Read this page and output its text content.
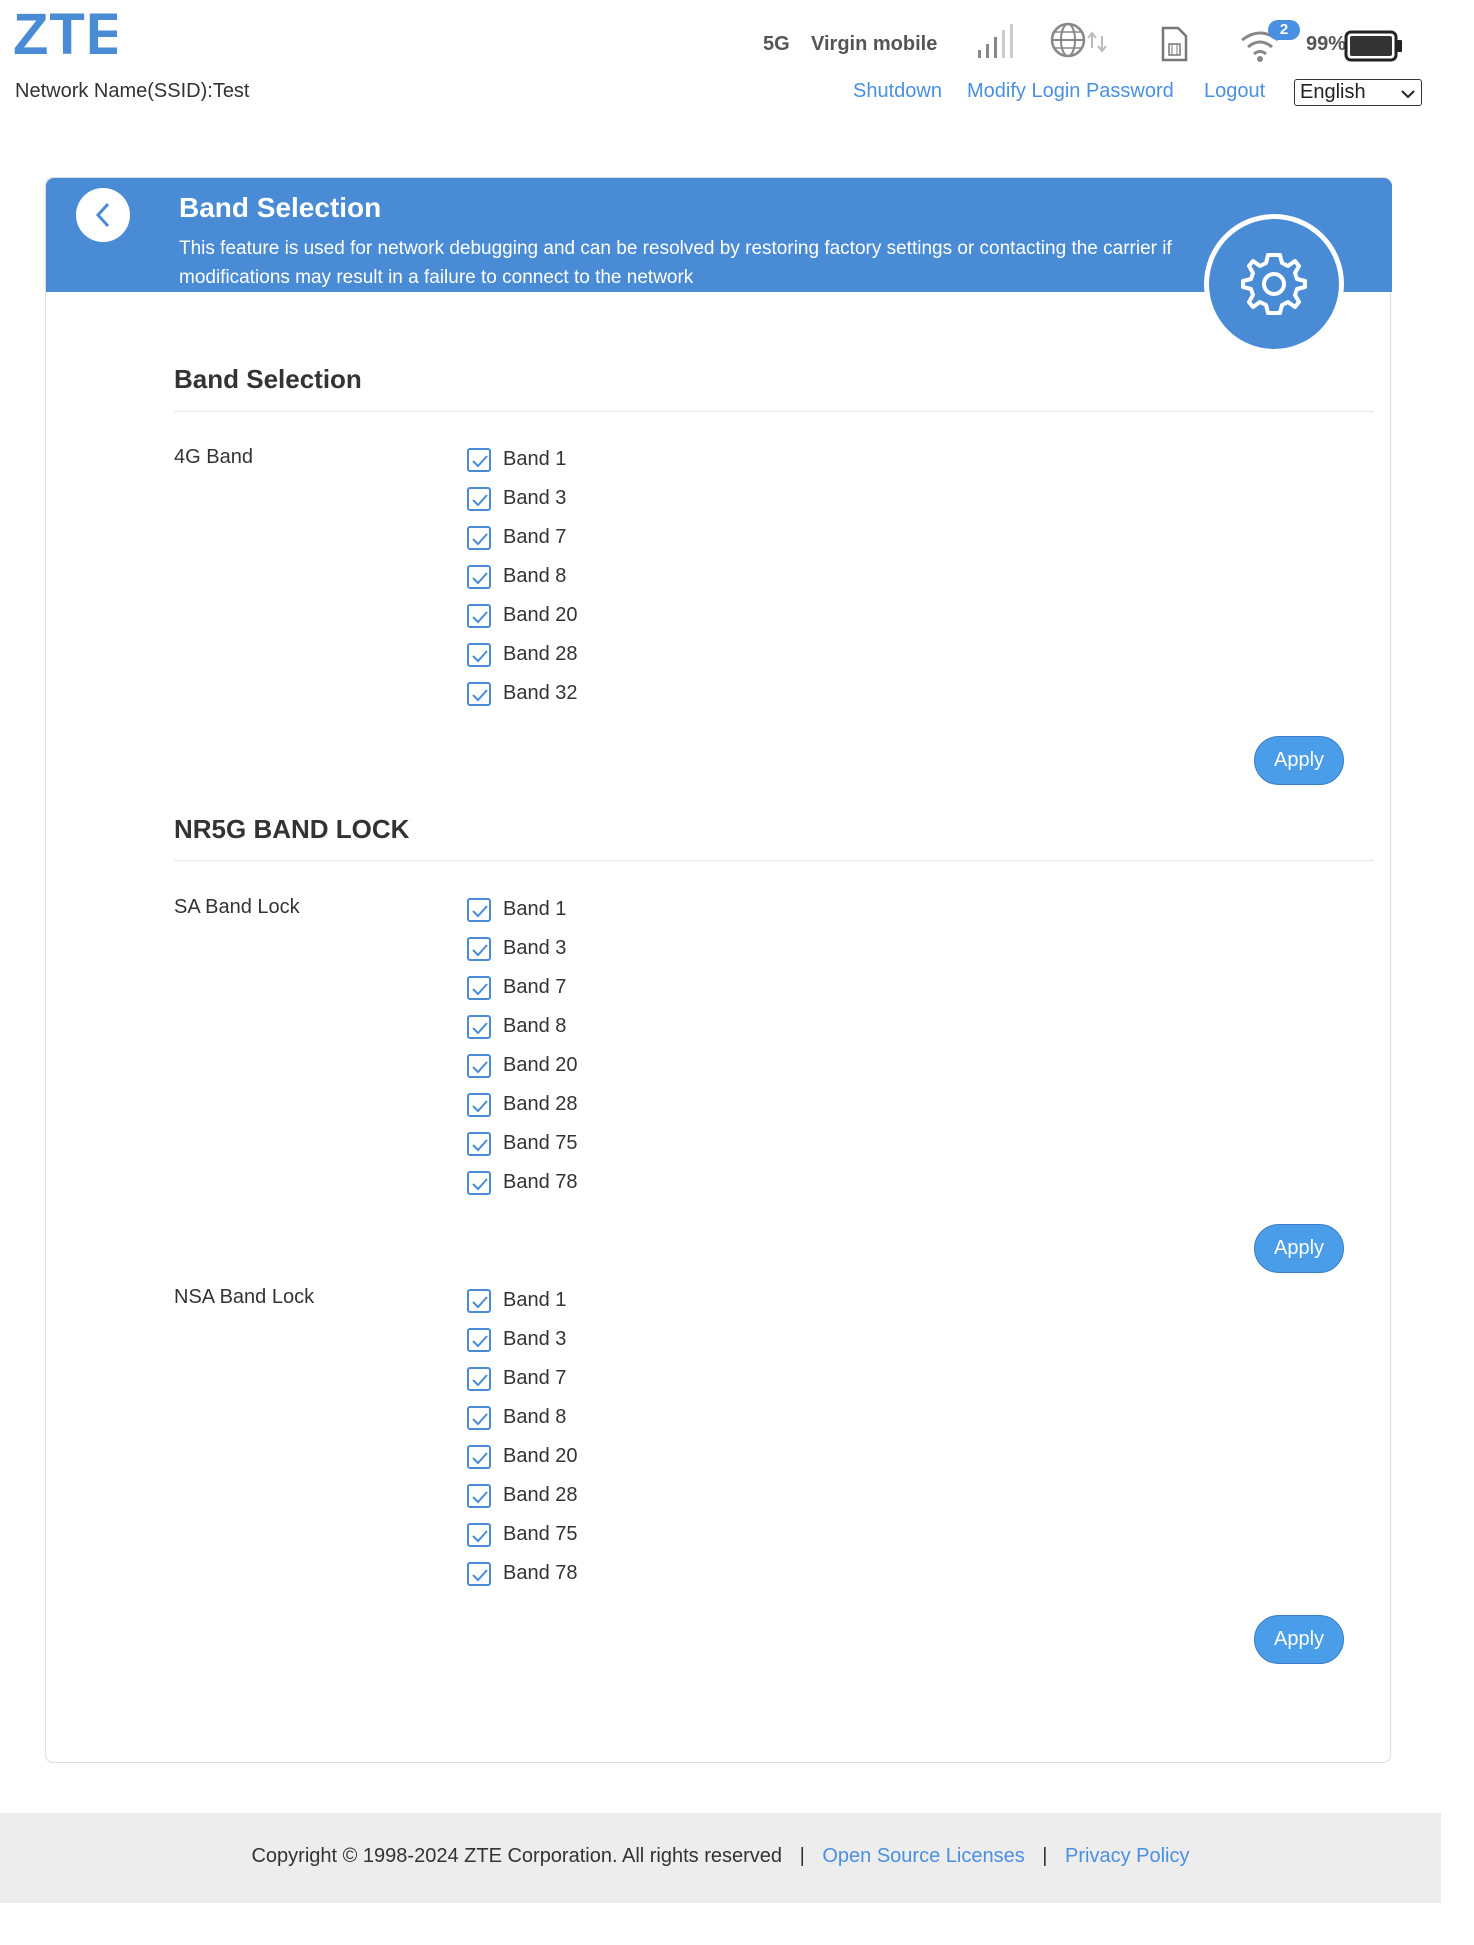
ZTE
Network Name(SSID):Test
5G Virgin mobile
2
99%
Shutdown Modify Login Password Logout	English
Band Selection
This feature is used for network debugging and can be resolved by restoring factory settings or contacting the carrier if modifications may result in a failure to connect to the network
Band Selection
4G Band	Band 1
Band 3
Band 7
Band 8
Band 20
Band 28
Band 32
Apply
NR5G BAND LOCK
SA Band Lock	Band 1
Band 3
Band 7
Band 8
Band 20
Band 28
Band 75
Band 78
Apply
NSA Band Lock	Band 1
Band 3
Band 7
Band 8
Band 20
Band 28
Band 75
Band 78
Apply
Copyright © 1998-2024 ZTE Corporation. All rights reserved | Open Source Licenses | Privacy Policy
